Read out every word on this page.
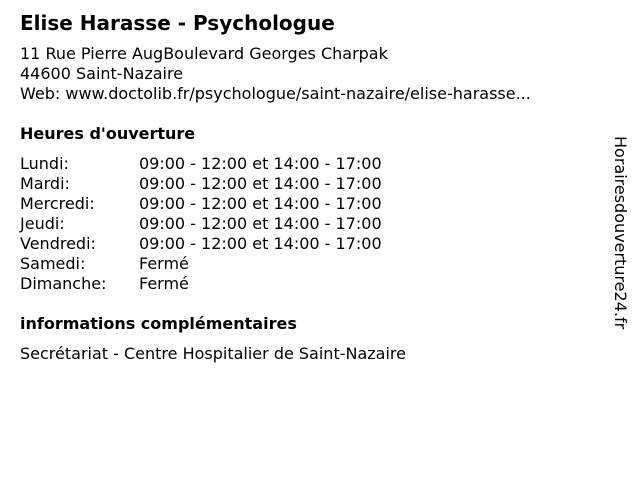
Elise Harasse - Psychologue
11 Rue Pierre AugBoulevard Georges Charpak
44600 Saint-Nazaire
Web: www.doctolib.fr/psychologue/saint-nazaire/elise-harasse...
Heures d'ouverture
Lundi:	09:00 - 12:00 et 14:00 - 17:00
Mardi:	09:00 - 12:00 et 14:00 - 17:00
Mercredi:	09:00 - 12:00 et 14:00 - 17:00
Jeudi:	09:00 - 12:00 et 14:00 - 17:00
Vendredi:	09:00 - 12:00 et 14:00 - 17:00
Samedi:	Fermé
Dimanche: Fermé
informations complémentaires
Secrétariat - Centre Hospitalier de Saint-Nazaire
Horairesdouverture24.fr
